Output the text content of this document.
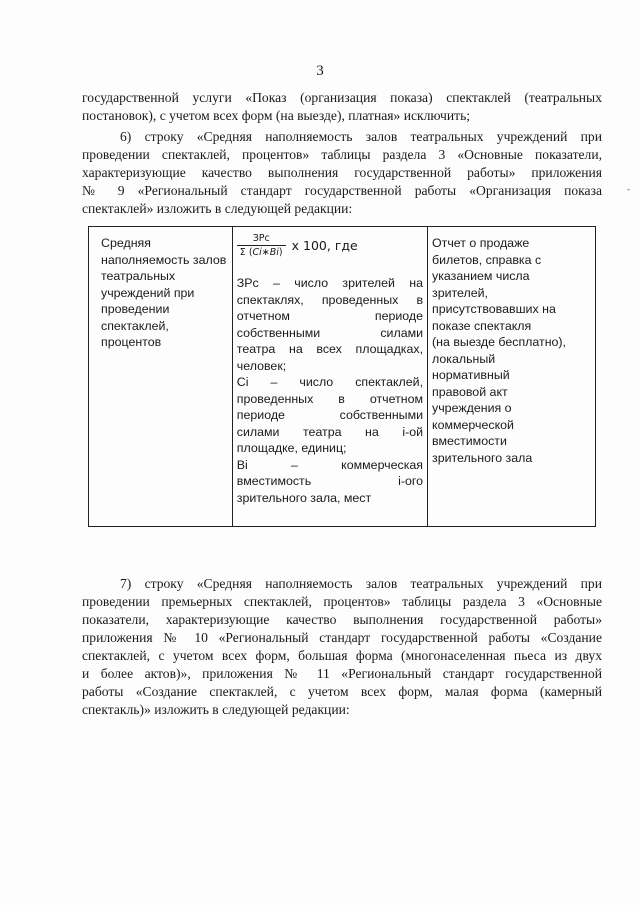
3
-
государственной услуги «Показ (организация показа) спектаклей (театральных
постановок), с учетом всех форм (на выезде), платная» исключить;
6) строку «Средняя наполняемость залов театральных учреждений при
проведении спектаклей, процентов» таблицы раздела 3 «Основные показатели,
характеризующие качество выполнения государственной работы» приложения
№ 9 «Региональный стандарт государственной работы «Организация показа
спектаклей» изложить в следующей редакции:
Средняя
наполняемость залов
театральных
учреждений при
проведении
спектаклей,
процентов

$\frac{\text{ЗРс}}{\Sigma (Ci∗Bi)}$ х 100, где
ЗРс – число зрителей на
спектаклях, проведенных в
отчетном периоде
собственными силами
театра на всех площадках,
человек;
Ci – число спектаклей,
проведенных в отчетном
периоде собственными
силами театра на i-ой
площадке, единиц;
Bi – коммерческая
вместимость i-ого
зрительного зала, мест

Отчет о продаже
билетов, справка с
указанием числа
зрителей,
присутствовавших на
показе спектакля
(на выезде бесплатно),
локальный
нормативный
правовой акт
учреждения о
коммерческой
вместимости
зрительного зала
7) строку «Средняя наполняемость залов театральных учреждений при
проведении премьерных спектаклей, процентов» таблицы раздела 3 «Основные
показатели, характеризующие качество выполнения государственной работы»
приложения № 10 «Региональный стандарт государственной работы «Создание
спектаклей, с учетом всех форм, большая форма (многонаселенная пьеса из двух
и более актов)», приложения № 11 «Региональный стандарт государственной
работы «Создание спектаклей, с учетом всех форм, малая форма (камерный
спектакль)» изложить в следующей редакции:
